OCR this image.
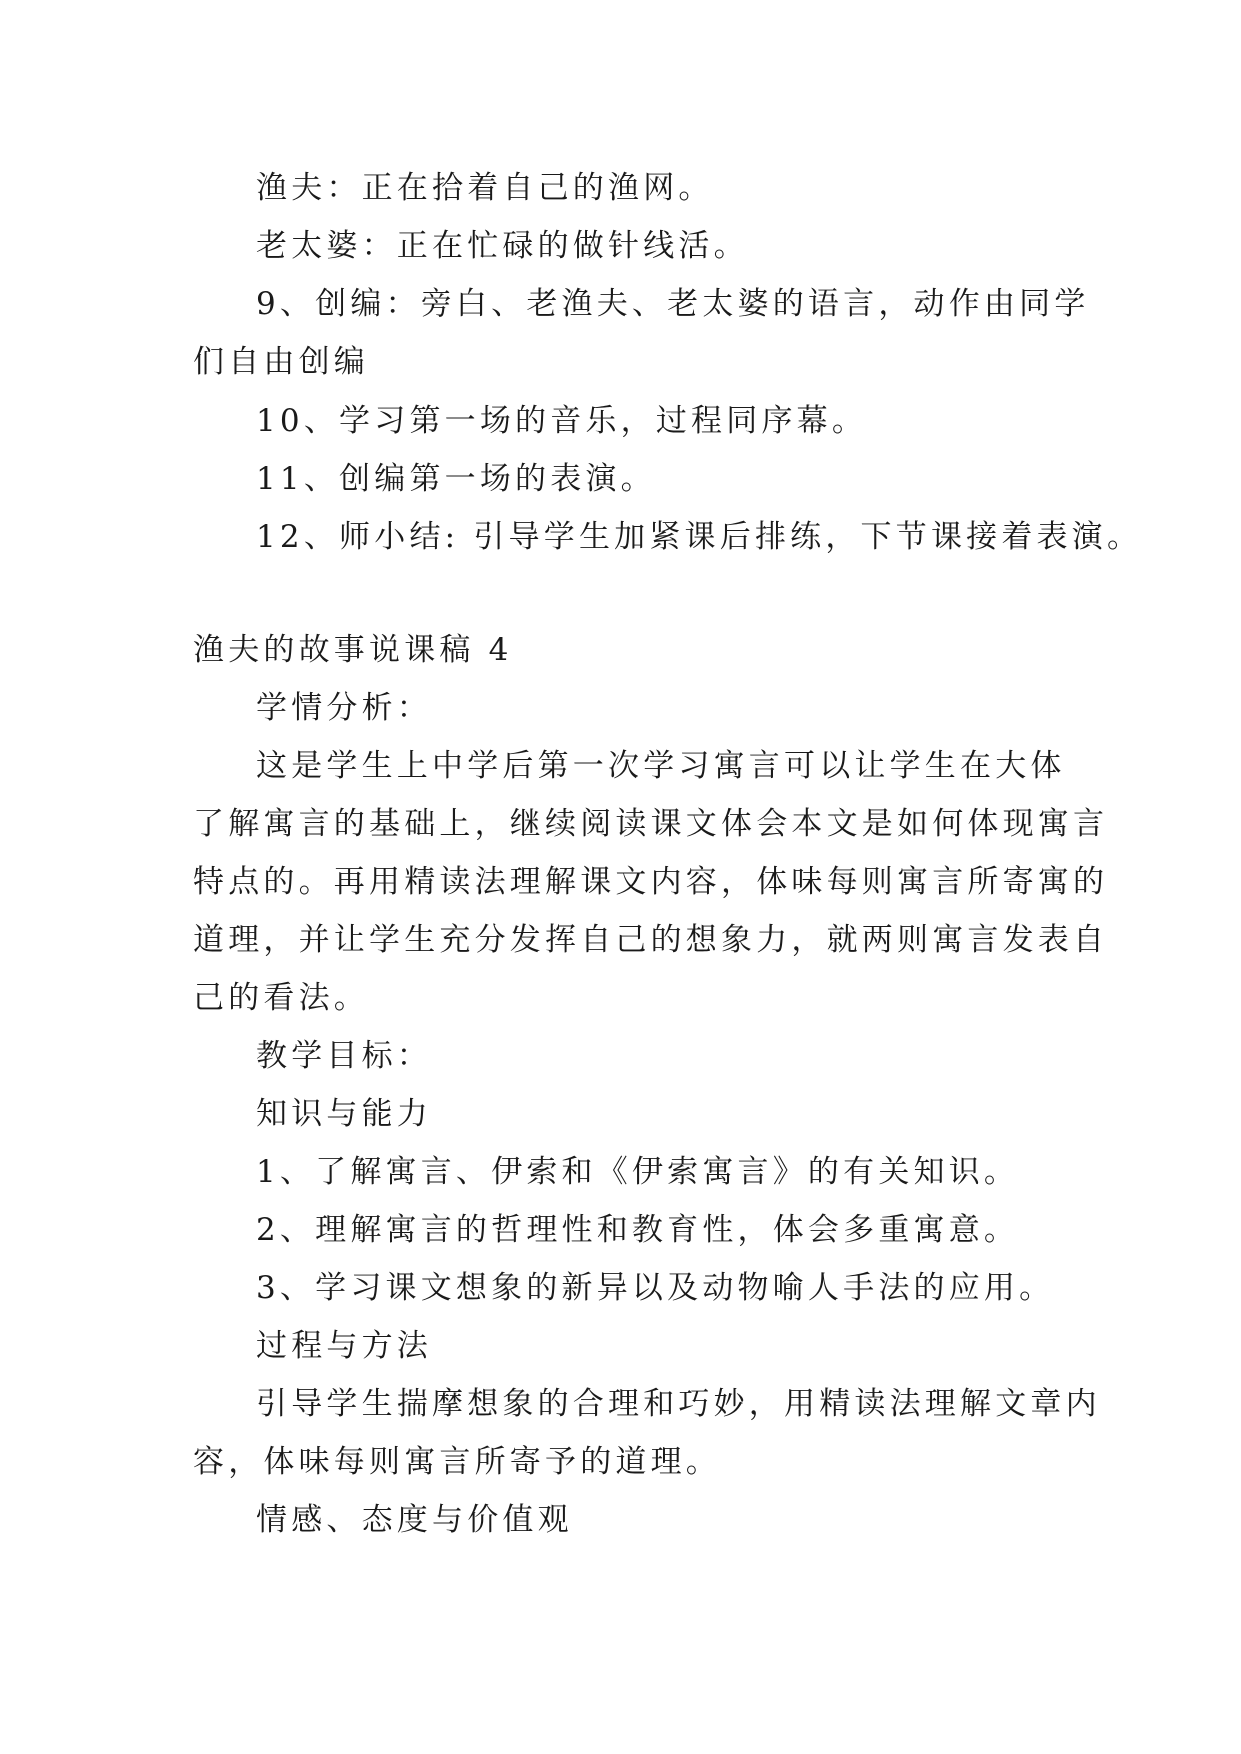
渔夫：正在拾着自己的渔网。
老太婆：正在忙碌的做针线活。
9、创编：旁白、老渔夫、老太婆的语言，动作由同学
们自由创编
10、学习第一场的音乐，过程同序幕。
11、创编第一场的表演。
12、师小结: 引导学生加紧课后排练，下节课接着表演。
渔夫的故事说课稿 4
学情分析：
这是学生上中学后第一次学习寓言可以让学生在大体
了解寓言的基础上，继续阅读课文体会本文是如何体现寓言
特点的。再用精读法理解课文内容，体味每则寓言所寄寓的
道理，并让学生充分发挥自己的想象力，就两则寓言发表自
己的看法。
教学目标：
知识与能力
1、了解寓言、伊索和《伊索寓言》的有关知识。
2、理解寓言的哲理性和教育性，体会多重寓意。
3、学习课文想象的新异以及动物喻人手法的应用。
过程与方法
引导学生揣摩想象的合理和巧妙，用精读法理解文章内
容，体味每则寓言所寄予的道理。
情感、态度与价值观
